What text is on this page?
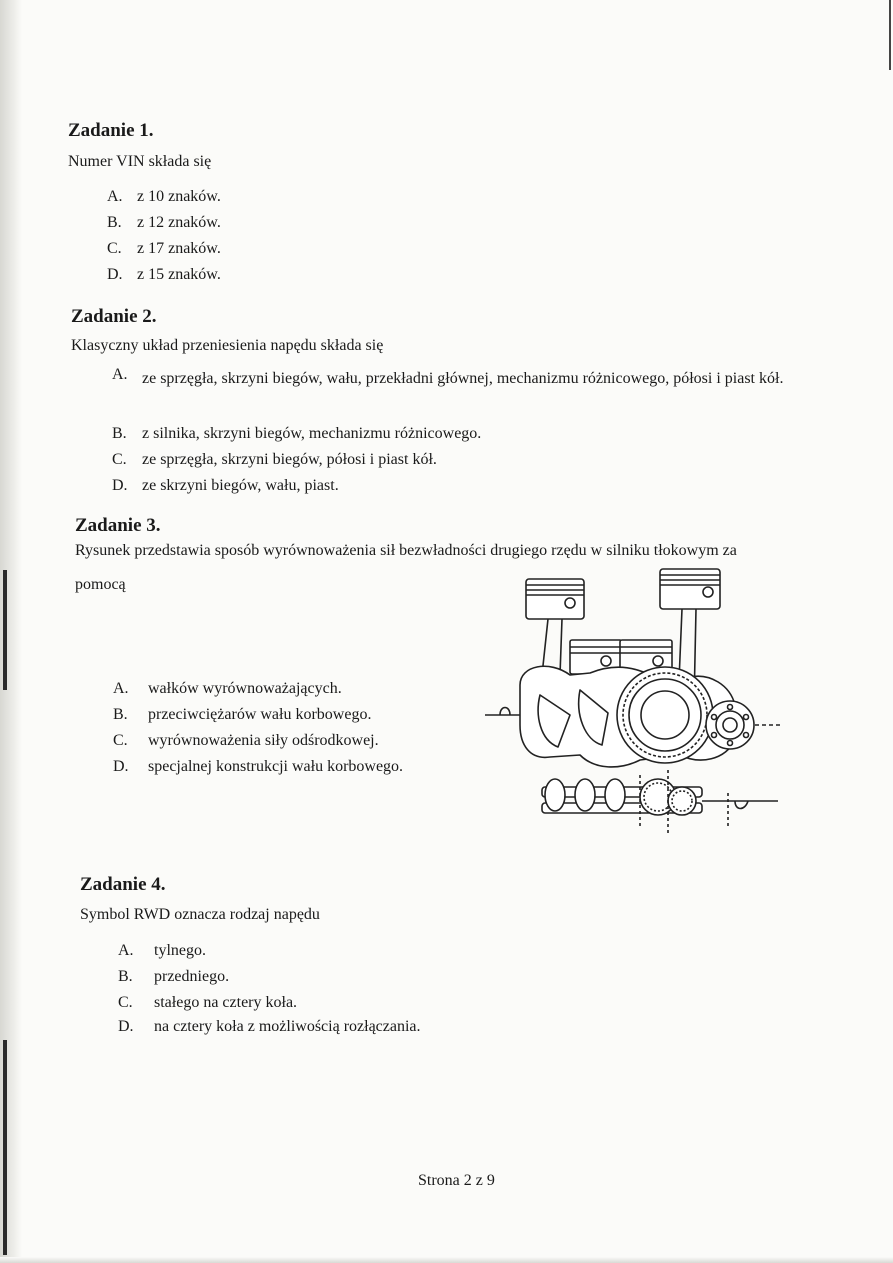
Zadanie 1.

Numer VIN składa się

A. z 10 znaków.
B. z 12 znaków.
C. z 17 znaków.
D. z 15 znaków.
Zadanie 2.

Klasyczny układ przeniesienia napędu składa się

A. ze sprzęgła, skrzyni biegów, wału, przekładni głównej, mechanizmu różnicowego, półosi i piast kół.
B. z silnika, skrzyni biegów, mechanizmu różnicowego.
C. ze sprzęgła, skrzyni biegów, półosi i piast kół.
D. ze skrzyni biegów, wału, piast.
Zadanie 3.

Rysunek przedstawia sposób wyrównoważenia sił bezwładności drugiego rzędu w silniku tłokowym za

pomocą

A.	wałków wyrównoważających.
B.	przeciwciężarów wału korbowego.
C.	wyrównoważenia siły odśrodkowej.
D.	specjalnej konstrukcji wału korbowego.
Zadanie 4.

Symbol RWD oznacza rodzaj napędu

A.	tylnego.
B.	przedniego.
C.	stałego na cztery koła.
D.	na cztery koła z możliwością rozłączania.
Strona 2 z 9
